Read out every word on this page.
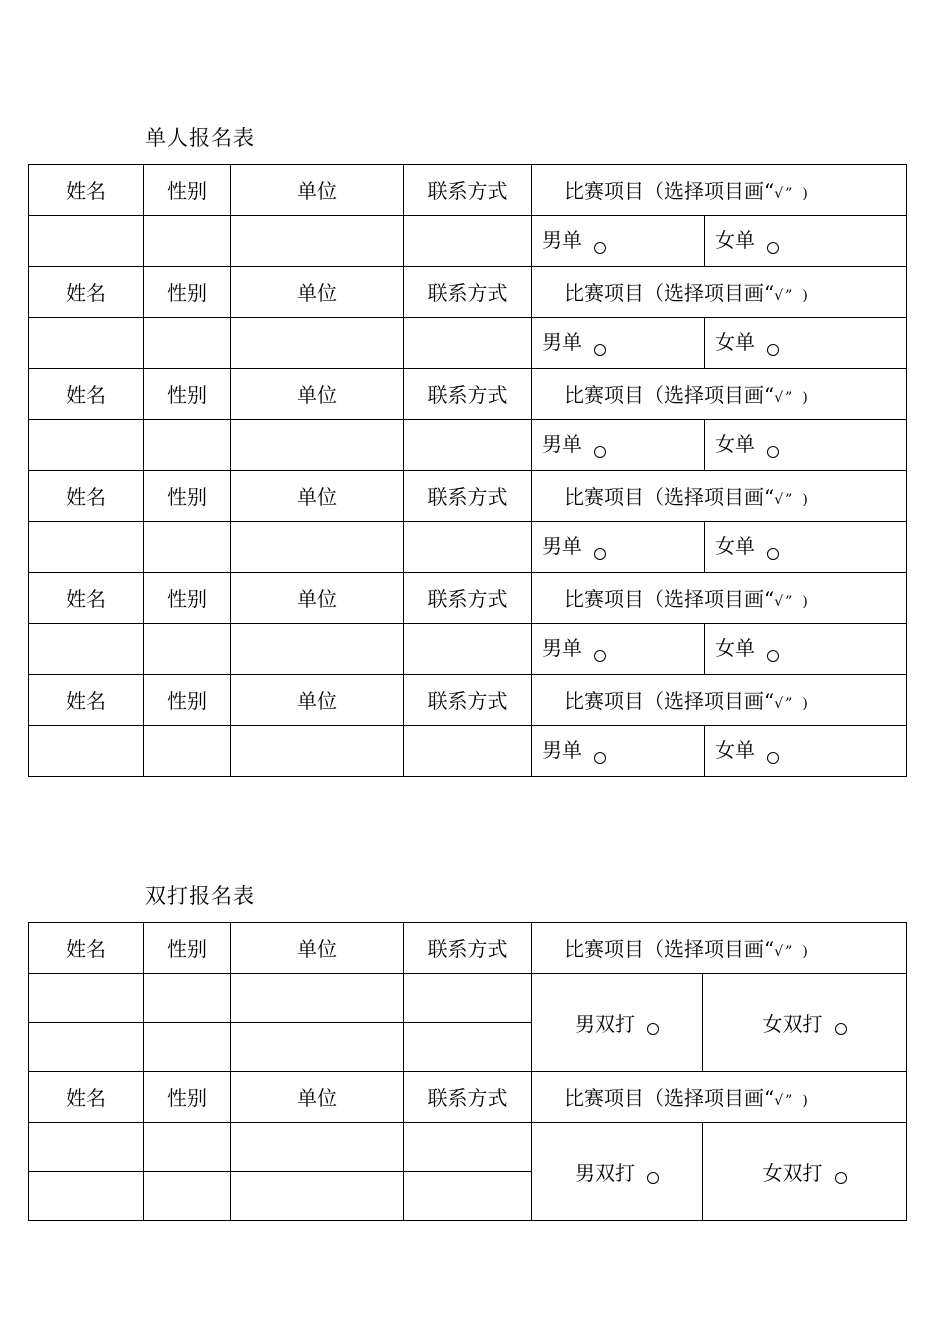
单人报名表
姓名	性别	单位	联系方式	比赛项目（选择项目画“√” )	
				男单	女单
姓名	性别	单位	联系方式	比赛项目（选择项目画“√” )	
				男单	女单
姓名	性别	单位	联系方式	比赛项目（选择项目画“√” )	
				男单	女单
姓名	性别	单位	联系方式	比赛项目（选择项目画“√” )	
				男单	女单
姓名	性别	单位	联系方式	比赛项目（选择项目画“√” )	
				男单	女单
姓名	性别	单位	联系方式	比赛项目（选择项目画“√” )	
				男单	女单
双打报名表
姓名	性别	单位	联系方式	比赛项目（选择项目画“√” )	
				男双打	女双打

姓名	性别	单位	联系方式	比赛项目（选择项目画“√” )	
				男双打	女双打
